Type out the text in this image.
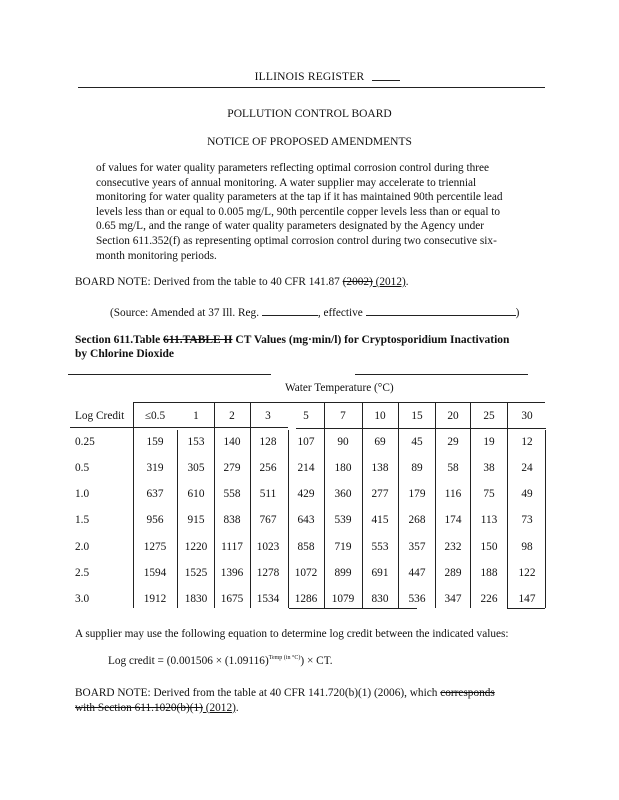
ILLINOIS REGISTER
POLLUTION CONTROL BOARD
NOTICE OF PROPOSED AMENDMENTS
of values for water quality parameters reflecting optimal corrosion control during three
consecutive years of annual monitoring. A water supplier may accelerate to triennial
monitoring for water quality parameters at the tap if it has maintained 90th percentile lead
levels less than or equal to 0.005 mg/L, 90th percentile copper levels less than or equal to
0.65 mg/L, and the range of water quality parameters designated by the Agency under
Section 611.352(f) as representing optimal corrosion control during two consecutive six-
month monitoring periods.
BOARD NOTE: Derived from the table to 40 CFR 141.87 (2002) (2012).
(Source: Amended at 37 Ill. Reg.	, effective	)
Section 611.Table 611.TABLE II CT Values (mg·min/l) for Cryptosporidium Inactivation
by Chlorine Dioxide
Water Temperature (°C)
Log Credit	≤0.5	1	2	3	5	7	10	15	20	25	30
0.25	159	153	140	128	107	90	69	45	29	19	12
0.5	319	305	279	256	214	180	138	89	58	38	24
1.0	637	610	558	511	429	360	277	179	116	75	49
1.5	956	915	838	767	643	539	415	268	174	113	73
2.0	1275	1220	1117	1023	858	719	553	357	232	150	98
2.5	1594	1525	1396	1278	1072	899	691	447	289	188	122
3.0	1912	1830	1675	1534	1286	1079	830	536	347	226	147
A supplier may use the following equation to determine log credit between the indicated values:
Log credit = $(0.001506 \times (1.09116)^{Temp (in ^\circ C)})$ × CT.
BOARD NOTE: Derived from the table at 40 CFR 141.720(b)(1) (2006), which corresponds
with Section 611.1020(b)(1) (2012).
